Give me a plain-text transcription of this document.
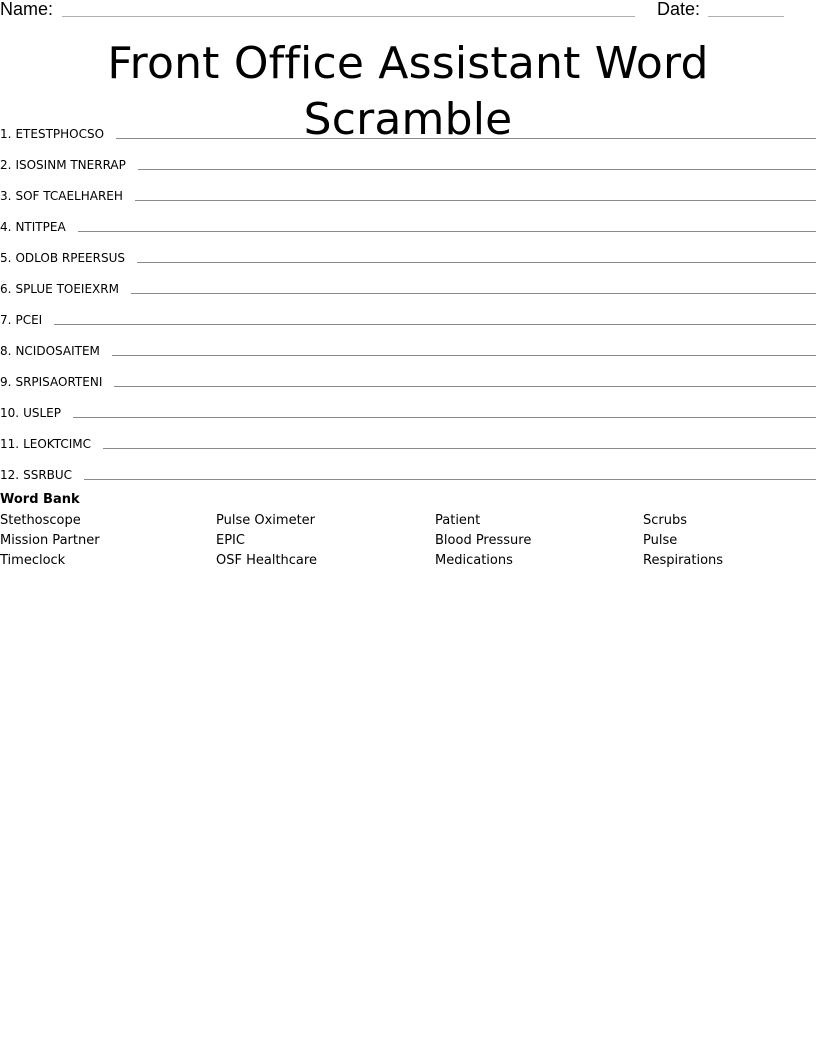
Name:	Date:
Front Office Assistant Word Scramble
1. ETESTPHOCSO
2. ISOSINM TNERRAP
3. SOF TCAELHAREH
4. NTITPEA
5. ODLOB RPEERSUS
6. SPLUE TOEIEXRM
7. PCEI
8. NCIDOSAITEM
9. SRPISAORTENI
10. USLEP
11. LEOKTCIMC
12. SSRBUC
Word Bank
Stethoscope	Pulse Oximeter	Patient	Scrubs
Mission Partner	EPIC	Blood Pressure	Pulse
Timeclock	OSF Healthcare	Medications	Respirations
